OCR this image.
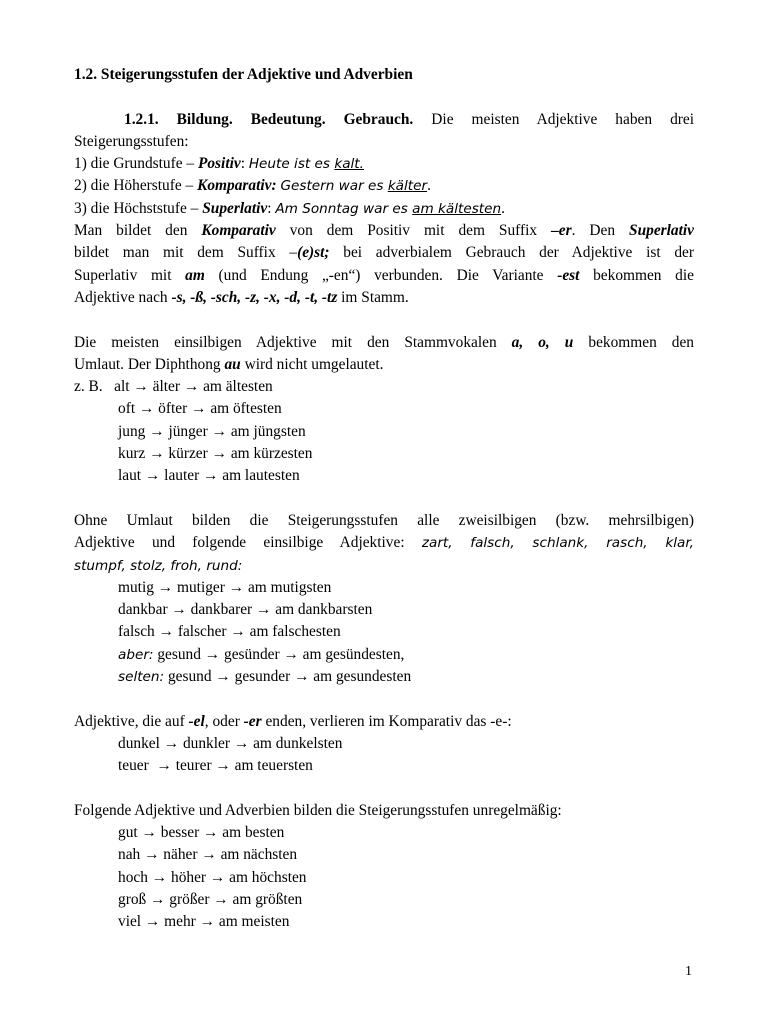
1.2. Steigerungsstufen der Adjektive und Adverbien
1.2.1. Bildung. Bedeutung. Gebrauch. Die meisten Adjektive haben drei
Steigerungsstufen:
1) die Grundstufe – Positiv: Heute ist es kalt.
2) die Höherstufe – Komparativ: Gestern war es kälter.
3) die Höchststufe – Superlativ: Am Sonntag war es am kältesten.
Man bildet den Komparativ von dem Positiv mit dem Suffix –er. Den Superlativ
bildet man mit dem Suffix –(e)st; bei adverbialem Gebrauch der Adjektive ist der
Superlativ mit am (und Endung „-en“) verbunden. Die Variante -est bekommen die
Adjektive nach -s, -ß, -sch, -z, -x, -d, -t, -tz im Stamm.
Die meisten einsilbigen Adjektive mit den Stammvokalen a, o, u bekommen den
Umlaut. Der Diphthong au wird nicht umgelautet.
z. B.   alt → älter → am ältesten
oft → öfter → am öftesten
jung → jünger → am jüngsten
kurz → kürzer → am kürzesten
laut → lauter → am lautesten
Ohne Umlaut bilden die Steigerungsstufen alle zweisilbigen (bzw. mehrsilbigen)
Adjektive und folgende einsilbige Adjektive: zart, falsch, schlank, rasch, klar,
stumpf, stolz, froh, rund:
mutig → mutiger → am mutigsten
dankbar → dankbarer → am dankbarsten
falsch → falscher → am falschesten
aber: gesund → gesünder → am gesündesten,
selten: gesund → gesunder → am gesundesten
Adjektive, die auf -el, oder -er enden, verlieren im Komparativ das -e-:
dunkel → dunkler → am dunkelsten
teuer  → teurer → am teuersten
Folgende Adjektive und Adverbien bilden die Steigerungsstufen unregelmäßig:
gut → besser → am besten
nah → näher → am nächsten
hoch → höher → am höchsten
groß → größer → am größten
viel → mehr → am meisten
1
